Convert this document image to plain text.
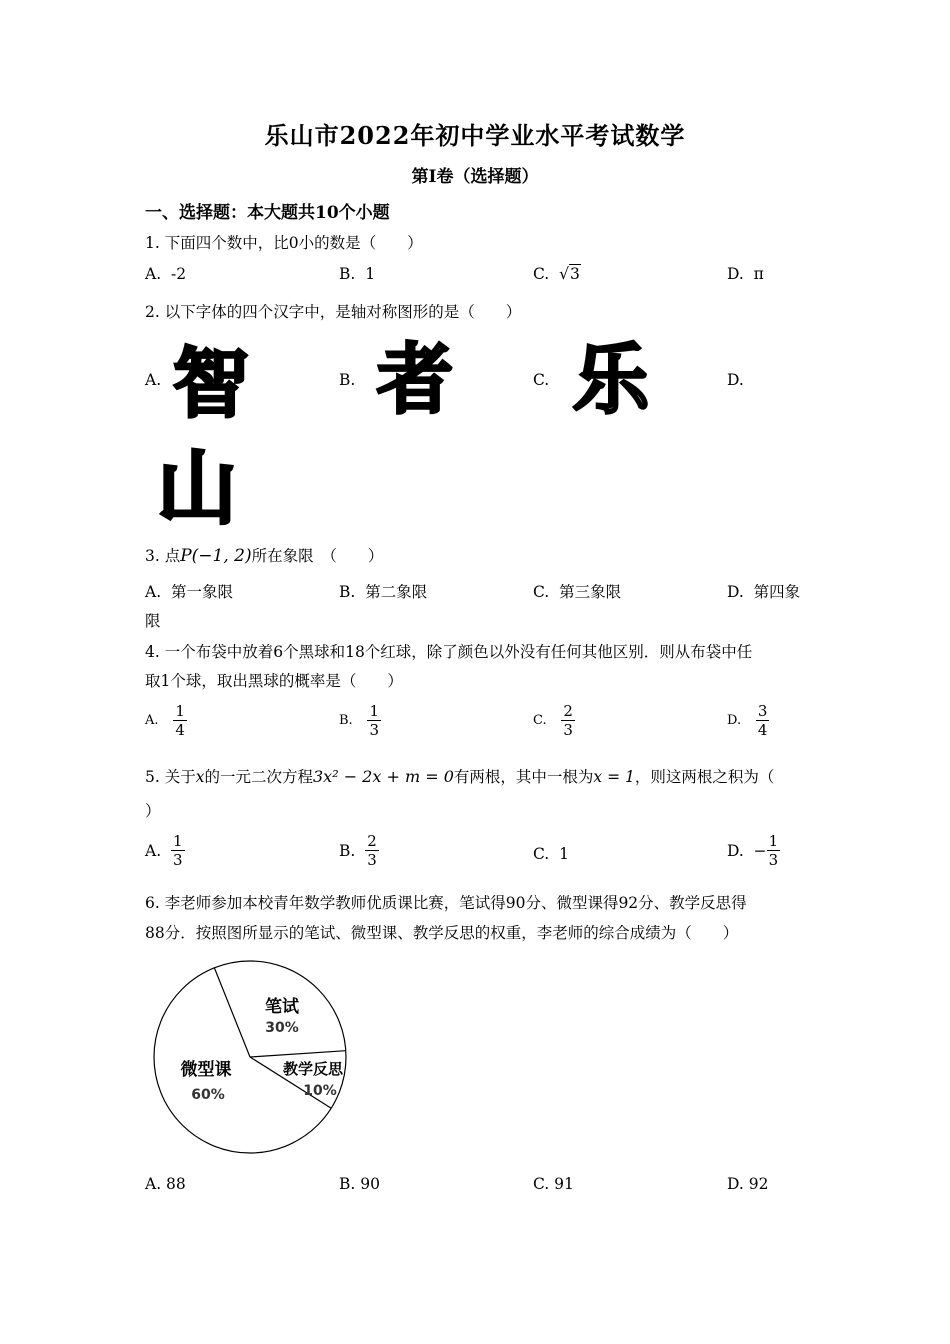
乐山市2022年初中学业水平考试数学
第Ⅰ卷（选择题）
一、选择题：本大题共10个小题
1. 下面四个数中，比0小的数是（　　）
A. -2	B. 1	C. √3	D. π
2. 以下字体的四个汉字中，是轴对称图形的是（　　）
A.	B.	C.	D.
智 者 乐
山
3. 点P(−1, 2)所在象限　（　　）
A. 第一象限	B. 第二象限	C. 第三象限	D. 第四象
限
4. 一个布袋中放着6个黑球和18个红球，除了颜色以外没有任何其他区别．则从布袋中任
取1个球，取出黑球的概率是（　　）
A. $\frac{1}{4}$	B. $\frac{1}{3}$	C. $\frac{2}{3}$	D. $\frac{3}{4}$
5. 关于x的一元二次方程3x² − 2x + m = 0有两根，其中一根为x = 1，则这两根之积为（
）
A. $\frac{1}{3}$	B. $\frac{2}{3}$	C. 1	D. − $\frac{1}{3}$
6. 李老师参加本校青年数学教师优质课比赛，笔试得90分、微型课得92分、教学反思得
88分．按照图所显示的笔试、微型课、教学反思的权重，李老师的综合成绩为（　　）
笔试
30%
教学反思
10%
微型课
60%
A. 88	B. 90	C. 91	D. 92
